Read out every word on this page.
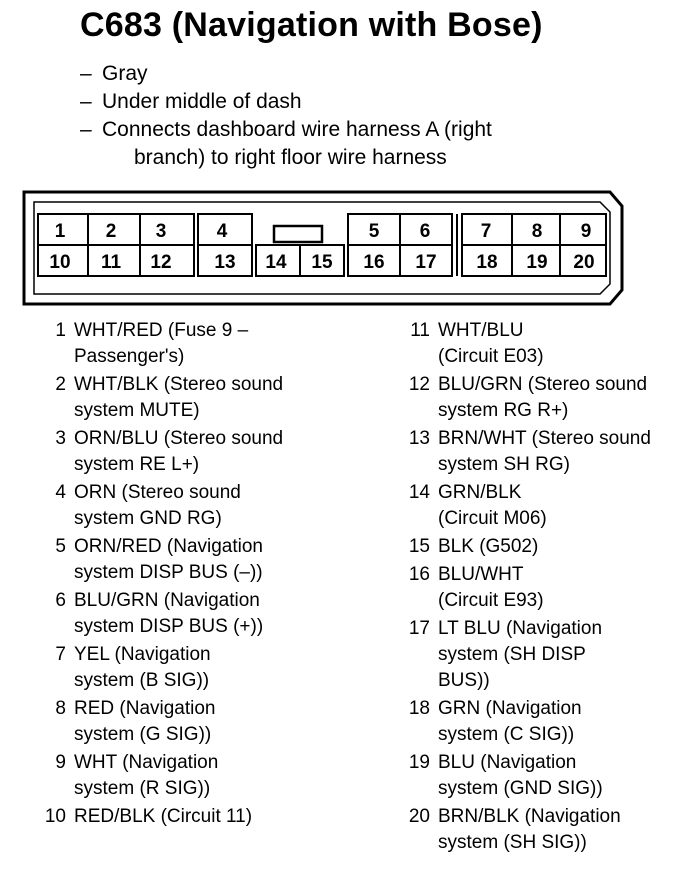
C683 (Navigation with Bose)
– Gray
– Under middle of dash
– Connects dashboard wire harness A (right
branch) to right floor wire harness
1 2 3	4	5 6	7 8 9
10 11 12 13 14 15 16 17 18 19 20
1 WHT/RED (Fuse 9 – Passenger's)
2 WHT/BLK (Stereo sound system MUTE)
3 ORN/BLU (Stereo sound system RE L+)
4 ORN (Stereo sound system GND RG)
5 ORN/RED (Navigation system DISP BUS (–))
6 BLU/GRN (Navigation system DISP BUS (+))
7 YEL (Navigation system (B SIG))
8 RED (Navigation system (G SIG))
9 WHT (Navigation system (R SIG))
10 RED/BLK (Circuit 11)
11 WHT/BLU (Circuit E03)
12 BLU/GRN (Stereo sound system RG R+)
13 BRN/WHT (Stereo sound system SH RG)
14 GRN/BLK (Circuit M06)
15 BLK (G502)
16 BLU/WHT (Circuit E93)
17 LT BLU (Navigation system (SH DISP BUS))
18 GRN (Navigation system (C SIG))
19 BLU (Navigation system (GND SIG))
20 BRN/BLK (Navigation system (SH SIG))
